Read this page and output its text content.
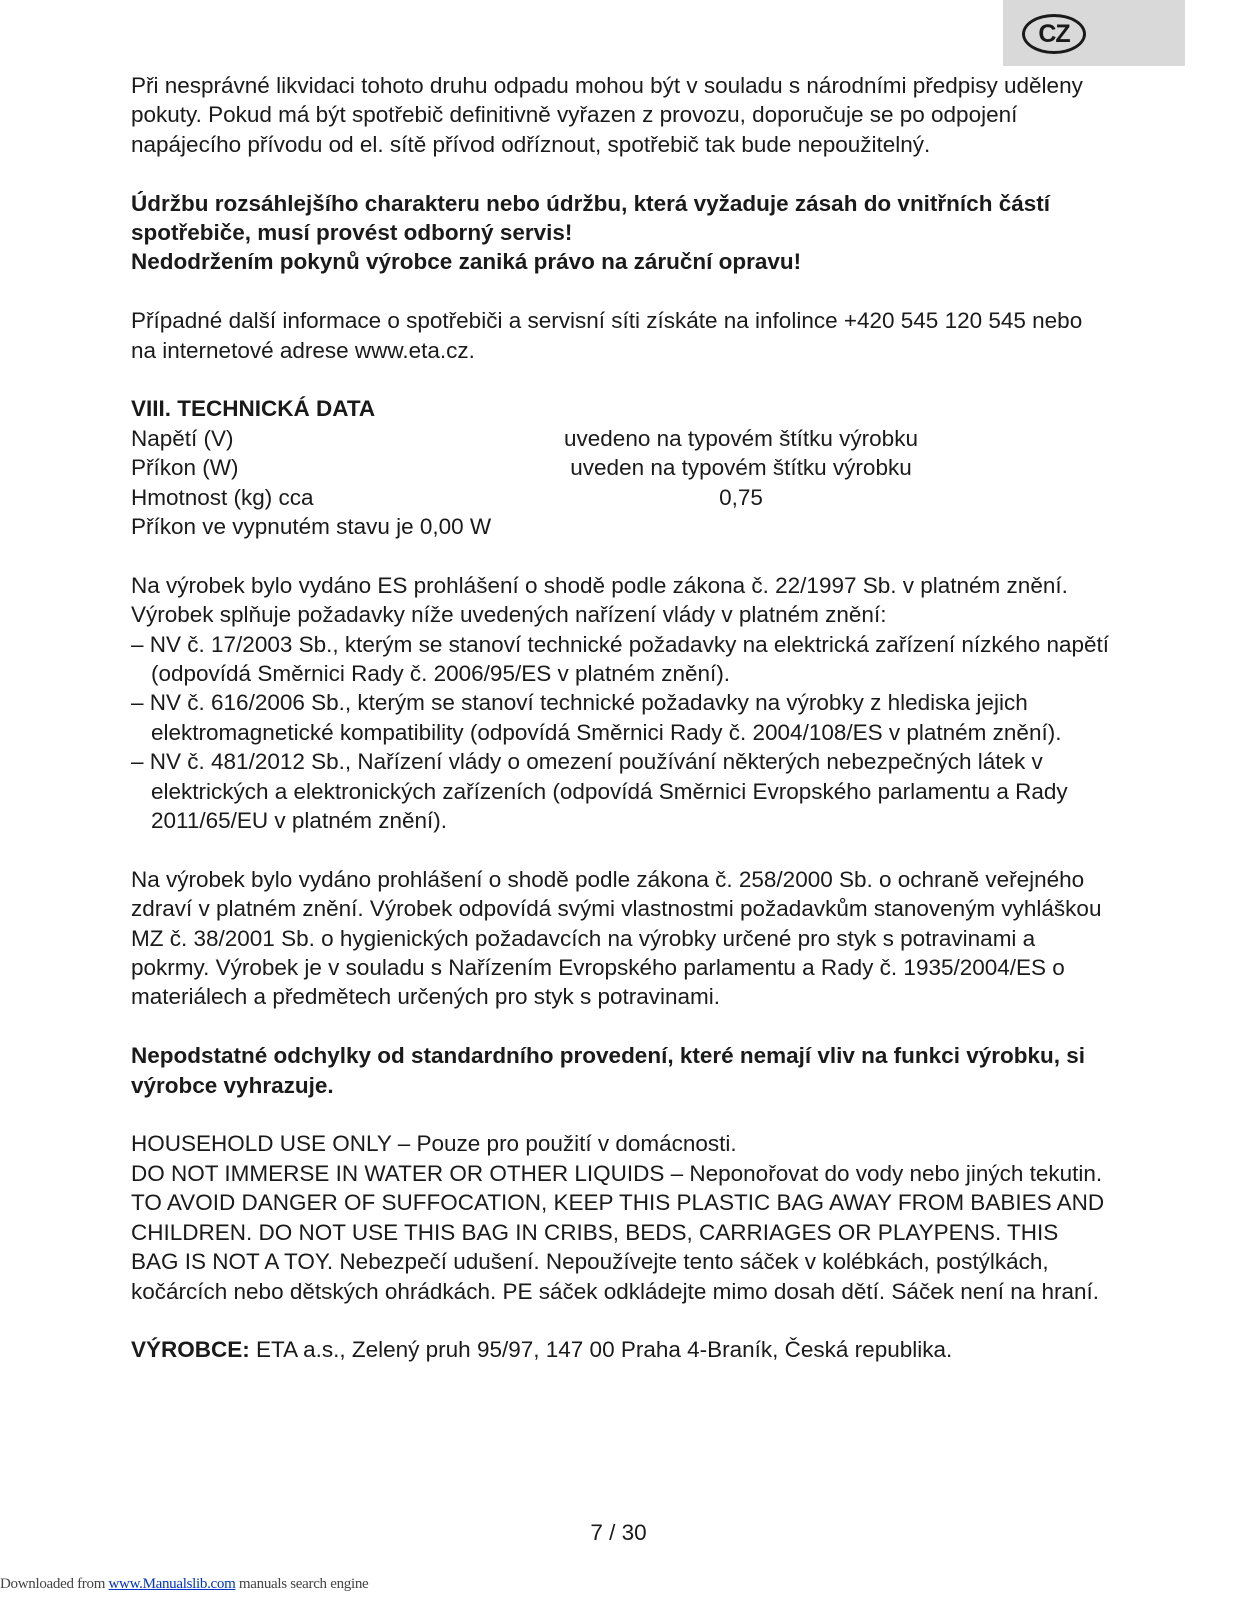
CZ

Při nesprávné likvidaci tohoto druhu odpadu mohou být v souladu s národními předpisy uděleny pokuty. Pokud má být spotřebič definitivně vyřazen z provozu, doporučuje se po odpojení napájecího přívodu od el. sítě přívod odříznout, spotřebič tak bude nepoužitelný.

Údržbu rozsáhlejšího charakteru nebo údržbu, která vyžaduje zásah do vnitřních částí spotřebiče, musí provést odborný servis!

Nedodržením pokynů výrobce zaniká právo na záruční opravu!

Případné další informace o spotřebiči a servisní síti získáte na infolince +420 545 120 545 nebo na internetové adrese www.eta.cz.

VIII. TECHNICKÁ DATA

Napětí (V)	uvedeno na typovém štítku výrobku
Příkon (W)	uveden na typovém štítku výrobku
Hmotnost (kg) cca	0,75

Příkon ve vypnutém stavu je 0,00 W

Na výrobek bylo vydáno ES prohlášení o shodě podle zákona č. 22/1997 Sb. v platném znění. Výrobek splňuje požadavky níže uvedených nařízení vlády v platném znění:

– NV č. 17/2003 Sb., kterým se stanoví technické požadavky na elektrická zařízení nízkého napětí (odpovídá Směrnici Rady č. 2006/95/ES v platném znění).

– NV č. 616/2006 Sb., kterým se stanoví technické požadavky na výrobky z hlediska jejich elektromagnetické kompatibility (odpovídá Směrnici Rady č. 2004/108/ES v platném znění).

– NV č. 481/2012 Sb., Nařízení vlády o omezení používání některých nebezpečných látek v elektrických a elektronických zařízeních (odpovídá Směrnici Evropského parlamentu a Rady 2011/65/EU v platném znění).

Na výrobek bylo vydáno prohlášení o shodě podle zákona č. 258/2000 Sb. o ochraně veřejného zdraví v platném znění. Výrobek odpovídá svými vlastnostmi požadavkům stanoveným vyhláškou MZ č. 38/2001 Sb. o hygienických požadavcích na výrobky určené pro styk s potravinami a pokrmy. Výrobek je v souladu s Nařízením Evropského parlamentu a Rady č. 1935/2004/ES o materiálech a předmětech určených pro styk s potravinami.

Nepodstatné odchylky od standardního provedení, které nemají vliv na funkci výrobku, si výrobce vyhrazuje.

HOUSEHOLD USE ONLY – Pouze pro použití v domácnosti.

DO NOT IMMERSE IN WATER OR OTHER LIQUIDS – Neponořovat do vody nebo jiných tekutin. TO AVOID DANGER OF SUFFOCATION, KEEP THIS PLASTIC BAG AWAY FROM BABIES AND CHILDREN. DO NOT USE THIS BAG IN CRIBS, BEDS, CARRIAGES OR PLAYPENS. THIS BAG IS NOT A TOY. Nebezpečí udušení. Nepoužívejte tento sáček v kolébkách, postýlkách, kočárcích nebo dětských ohrádkách. PE sáček odkládejte mimo dosah dětí. Sáček není na hraní.

VÝROBCE: ETA a.s., Zelený pruh 95/97, 147 00 Praha 4-Braník, Česká republika.

7 / 30
Downloaded from www.Manualslib.com manuals search engine
